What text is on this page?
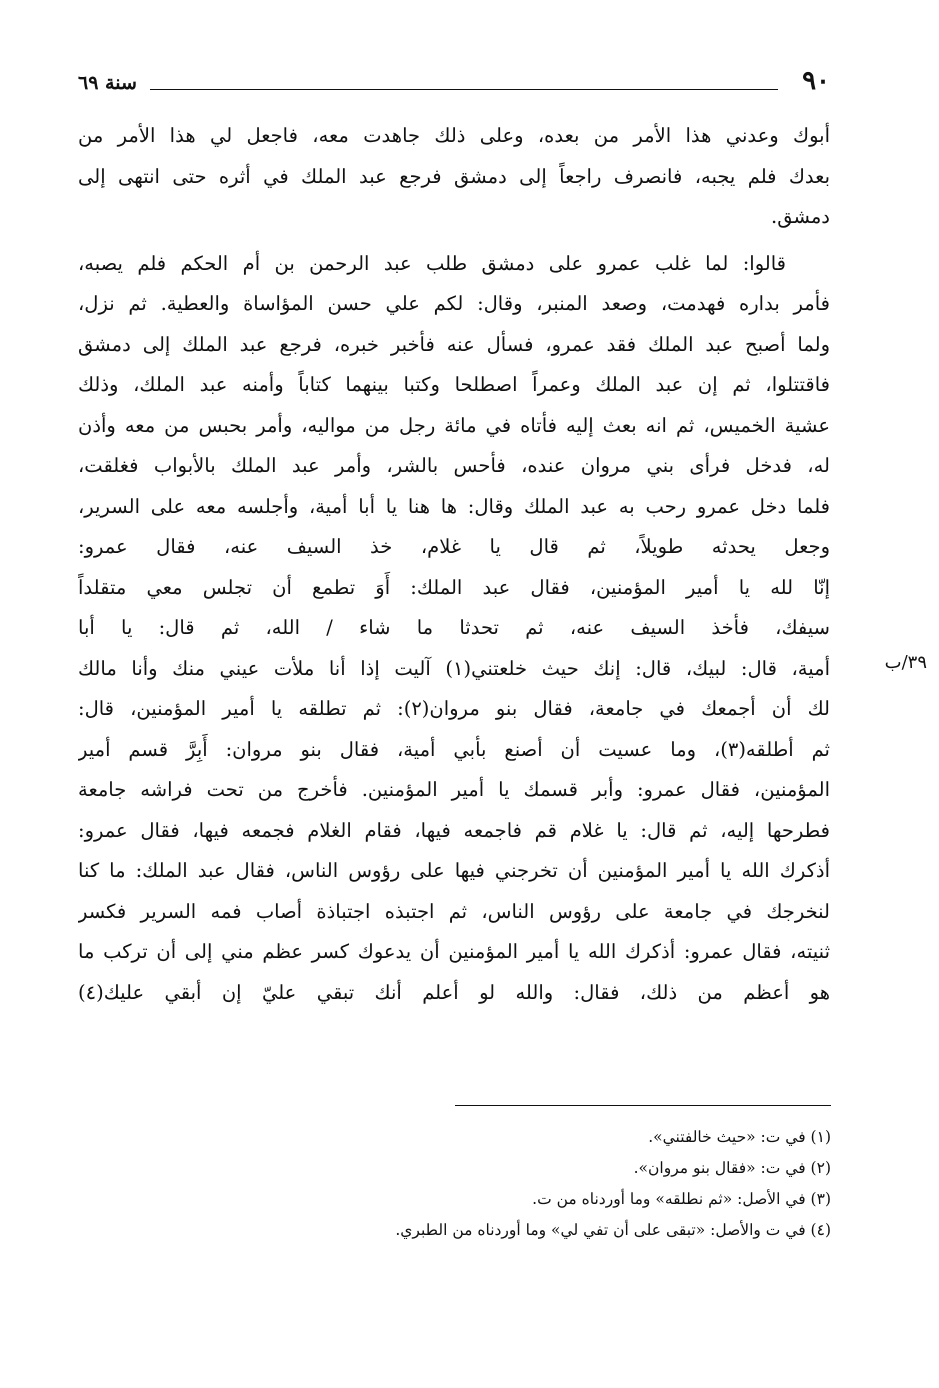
٩٠
سنة ٦٩

أبوك وعدني هذا الأمر من بعده، وعلى ذلك جاهدت معه، فاجعل لي هذا الأمر من
بعدك فلم يجبه، فانصرف راجعاً إلى دمشق فرجع عبد الملك في أثره حتى انتهى إلى
دمشق.

قالوا: لما غلب عمرو على دمشق طلب عبد الرحمن بن أم الحكم فلم يصبه،
فأمر بداره فهدمت، وصعد المنبر، وقال: لكم علي حسن المؤاساة والعطية. ثم نزل،
ولما أصبح عبد الملك فقد عمرو، فسأل عنه فأخبر خبره، فرجع عبد الملك إلى دمشق
فاقتتلوا، ثم إن عبد الملك وعمراً اصطلحا وكتبا بينهما كتاباً وأمنه عبد الملك، وذلك
عشية الخميس، ثم انه بعث إليه فأتاه في مائة رجل من مواليه، وأمر بحبس من معه وأذن
له، فدخل فرأى بني مروان عنده، فأحس بالشر، وأمر عبد الملك بالأبواب فغلقت،
فلما دخل عمرو رحب به عبد الملك وقال: ها هنا يا أبا أمية، وأجلسه معه على السرير،
وجعل يحدثه طويلاً، ثم قال يا غلام، خذ السيف عنه، فقال عمرو:
إنّا لله يا أمير المؤمنين، فقال عبد الملك: أَوَ تطمع أن تجلس معي متقلداً
سيفك، فأخذ السيف عنه، ثم تحدثا ما شاء / الله، ثم قال: يا أبا
أمية، قال: لبيك، قال: إنك حيث خلعتني(١) آليت إذا أنا ملأت عيني منك وأنا مالك
لك أن أجمعك في جامعة، فقال بنو مروان(٢): ثم تطلقه يا أمير المؤمنين، قال:
ثم أطلقه(٣)، وما عسيت أن أصنع بأبي أمية، فقال بنو مروان: أَبِرَّ قسم أمير
المؤمنين، فقال عمرو: وأبر قسمك يا أمير المؤمنين. فأخرج من تحت فراشه جامعة
فطرحها إليه، ثم قال: يا غلام قم فاجمعه فيها، فقام الغلام فجمعه فيها، فقال عمرو:
أذكرك الله يا أمير المؤمنين أن تخرجني فيها على رؤوس الناس، فقال عبد الملك: ما كنا
لنخرجك في جامعة على رؤوس الناس، ثم اجتبذه اجتباذة أصاب فمه السرير فكسر
ثنيته، فقال عمرو: أذكرك الله يا أمير المؤمنين أن يدعوك كسر عظم مني إلى أن تركب ما
هو أعظم من ذلك، فقال: والله لو أعلم أنك تبقي عليّ إن أبقي عليك(٤)

٣٩/ب
(١) في ت: «حيث خالفتني».
(٢) في ت: «فقال بنو مروان».
(٣) في الأصل: «ثم نطلقه» وما أوردناه من ت.
(٤) في ت والأصل: «تبقى على أن تفي لي» وما أوردناه من الطبري.
